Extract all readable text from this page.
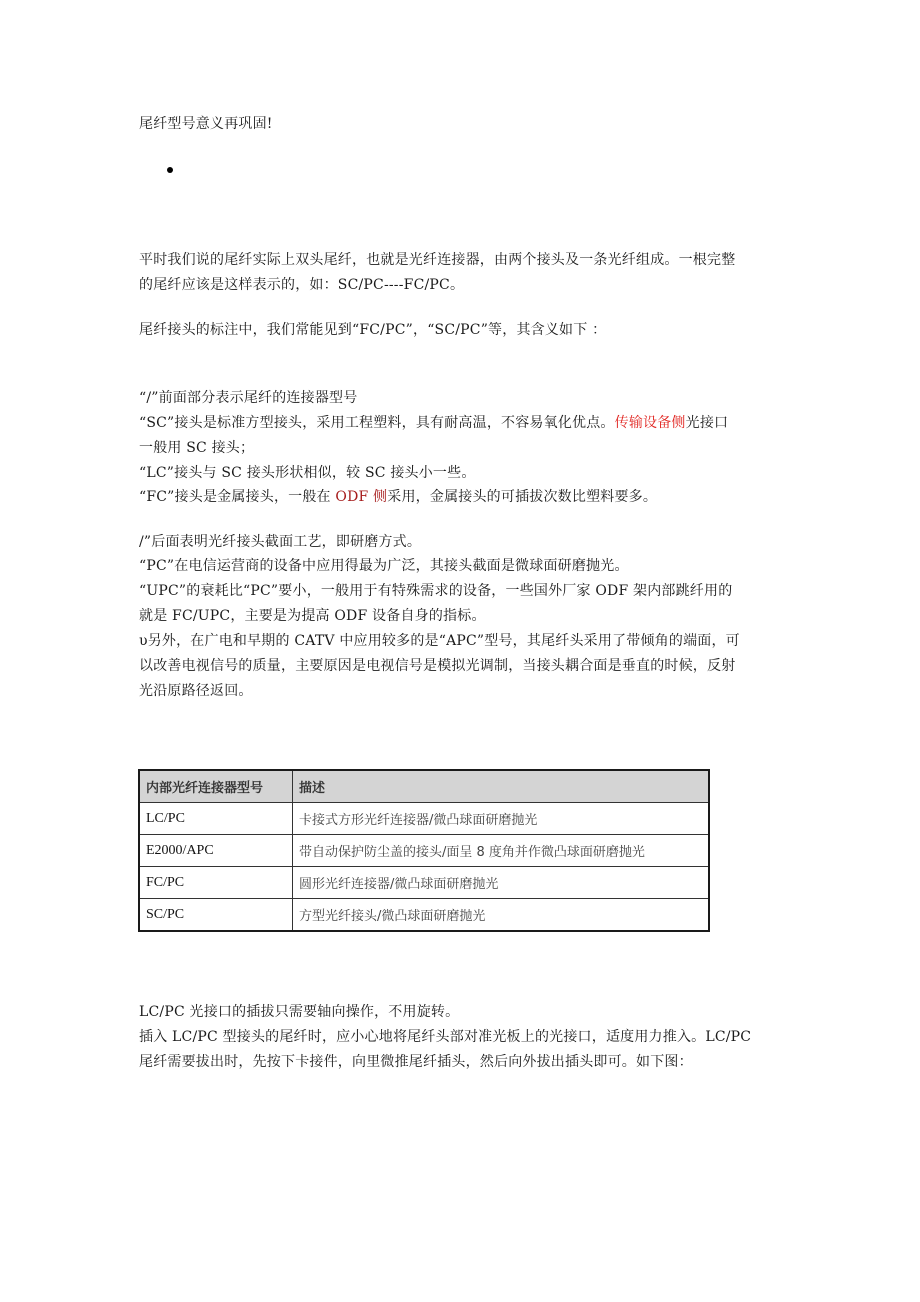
尾纤型号意义再巩固!
平时我们说的尾纤实际上双头尾纤，也就是光纤连接器，由两个接头及一条光纤组成。一根完整
的尾纤应该是这样表示的，如：SC/PC----FC/PC。
尾纤接头的标注中，我们常能见到“FC/PC”，“SC/PC”等，其含义如下 ：
“/”前面部分表示尾纤的连接器型号
“SC”接头是标准方型接头，采用工程塑料，具有耐高温，不容易氧化优点。传输设备侧光接口
一般用 SC 接头；
“LC”接头与 SC 接头形状相似，较 SC 接头小一些。
“FC”接头是金属接头，一般在 ODF 侧采用，金属接头的可插拔次数比塑料要多。
/”后面表明光纤接头截面工艺，即研磨方式。
“PC”在电信运营商的设备中应用得最为广泛，其接头截面是微球面研磨抛光。
“UPC”的衰耗比“PC”要小，一般用于有特殊需求的设备，一些国外厂家 ODF 架内部跳纤用的
就是 FC/UPC，主要是为提高 ODF 设备自身的指标。
υ另外，在广电和早期的 CATV 中应用较多的是“APC”型号，其尾纤头采用了带倾角的端面，可
以改善电视信号的质量，主要原因是电视信号是模拟光调制，当接头耦合面是垂直的时候，反射
光沿原路径返回。
内部光纤连接器型号	描述
LC/PC	卡接式方形光纤连接器/微凸球面研磨抛光
E2000/APC	带自动保护防尘盖的接头/面呈 8 度角并作微凸球面研磨抛光
FC/PC	圆形光纤连接器/微凸球面研磨抛光
SC/PC	方型光纤接头/微凸球面研磨抛光
LC/PC 光接口的插拔只需要轴向操作，不用旋转。
插入 LC/PC 型接头的尾纤时，应小心地将尾纤头部对准光板上的光接口，适度用力推入。LC/PC
尾纤需要拔出时，先按下卡接件，向里微推尾纤插头，然后向外拔出插头即可。如下图：
